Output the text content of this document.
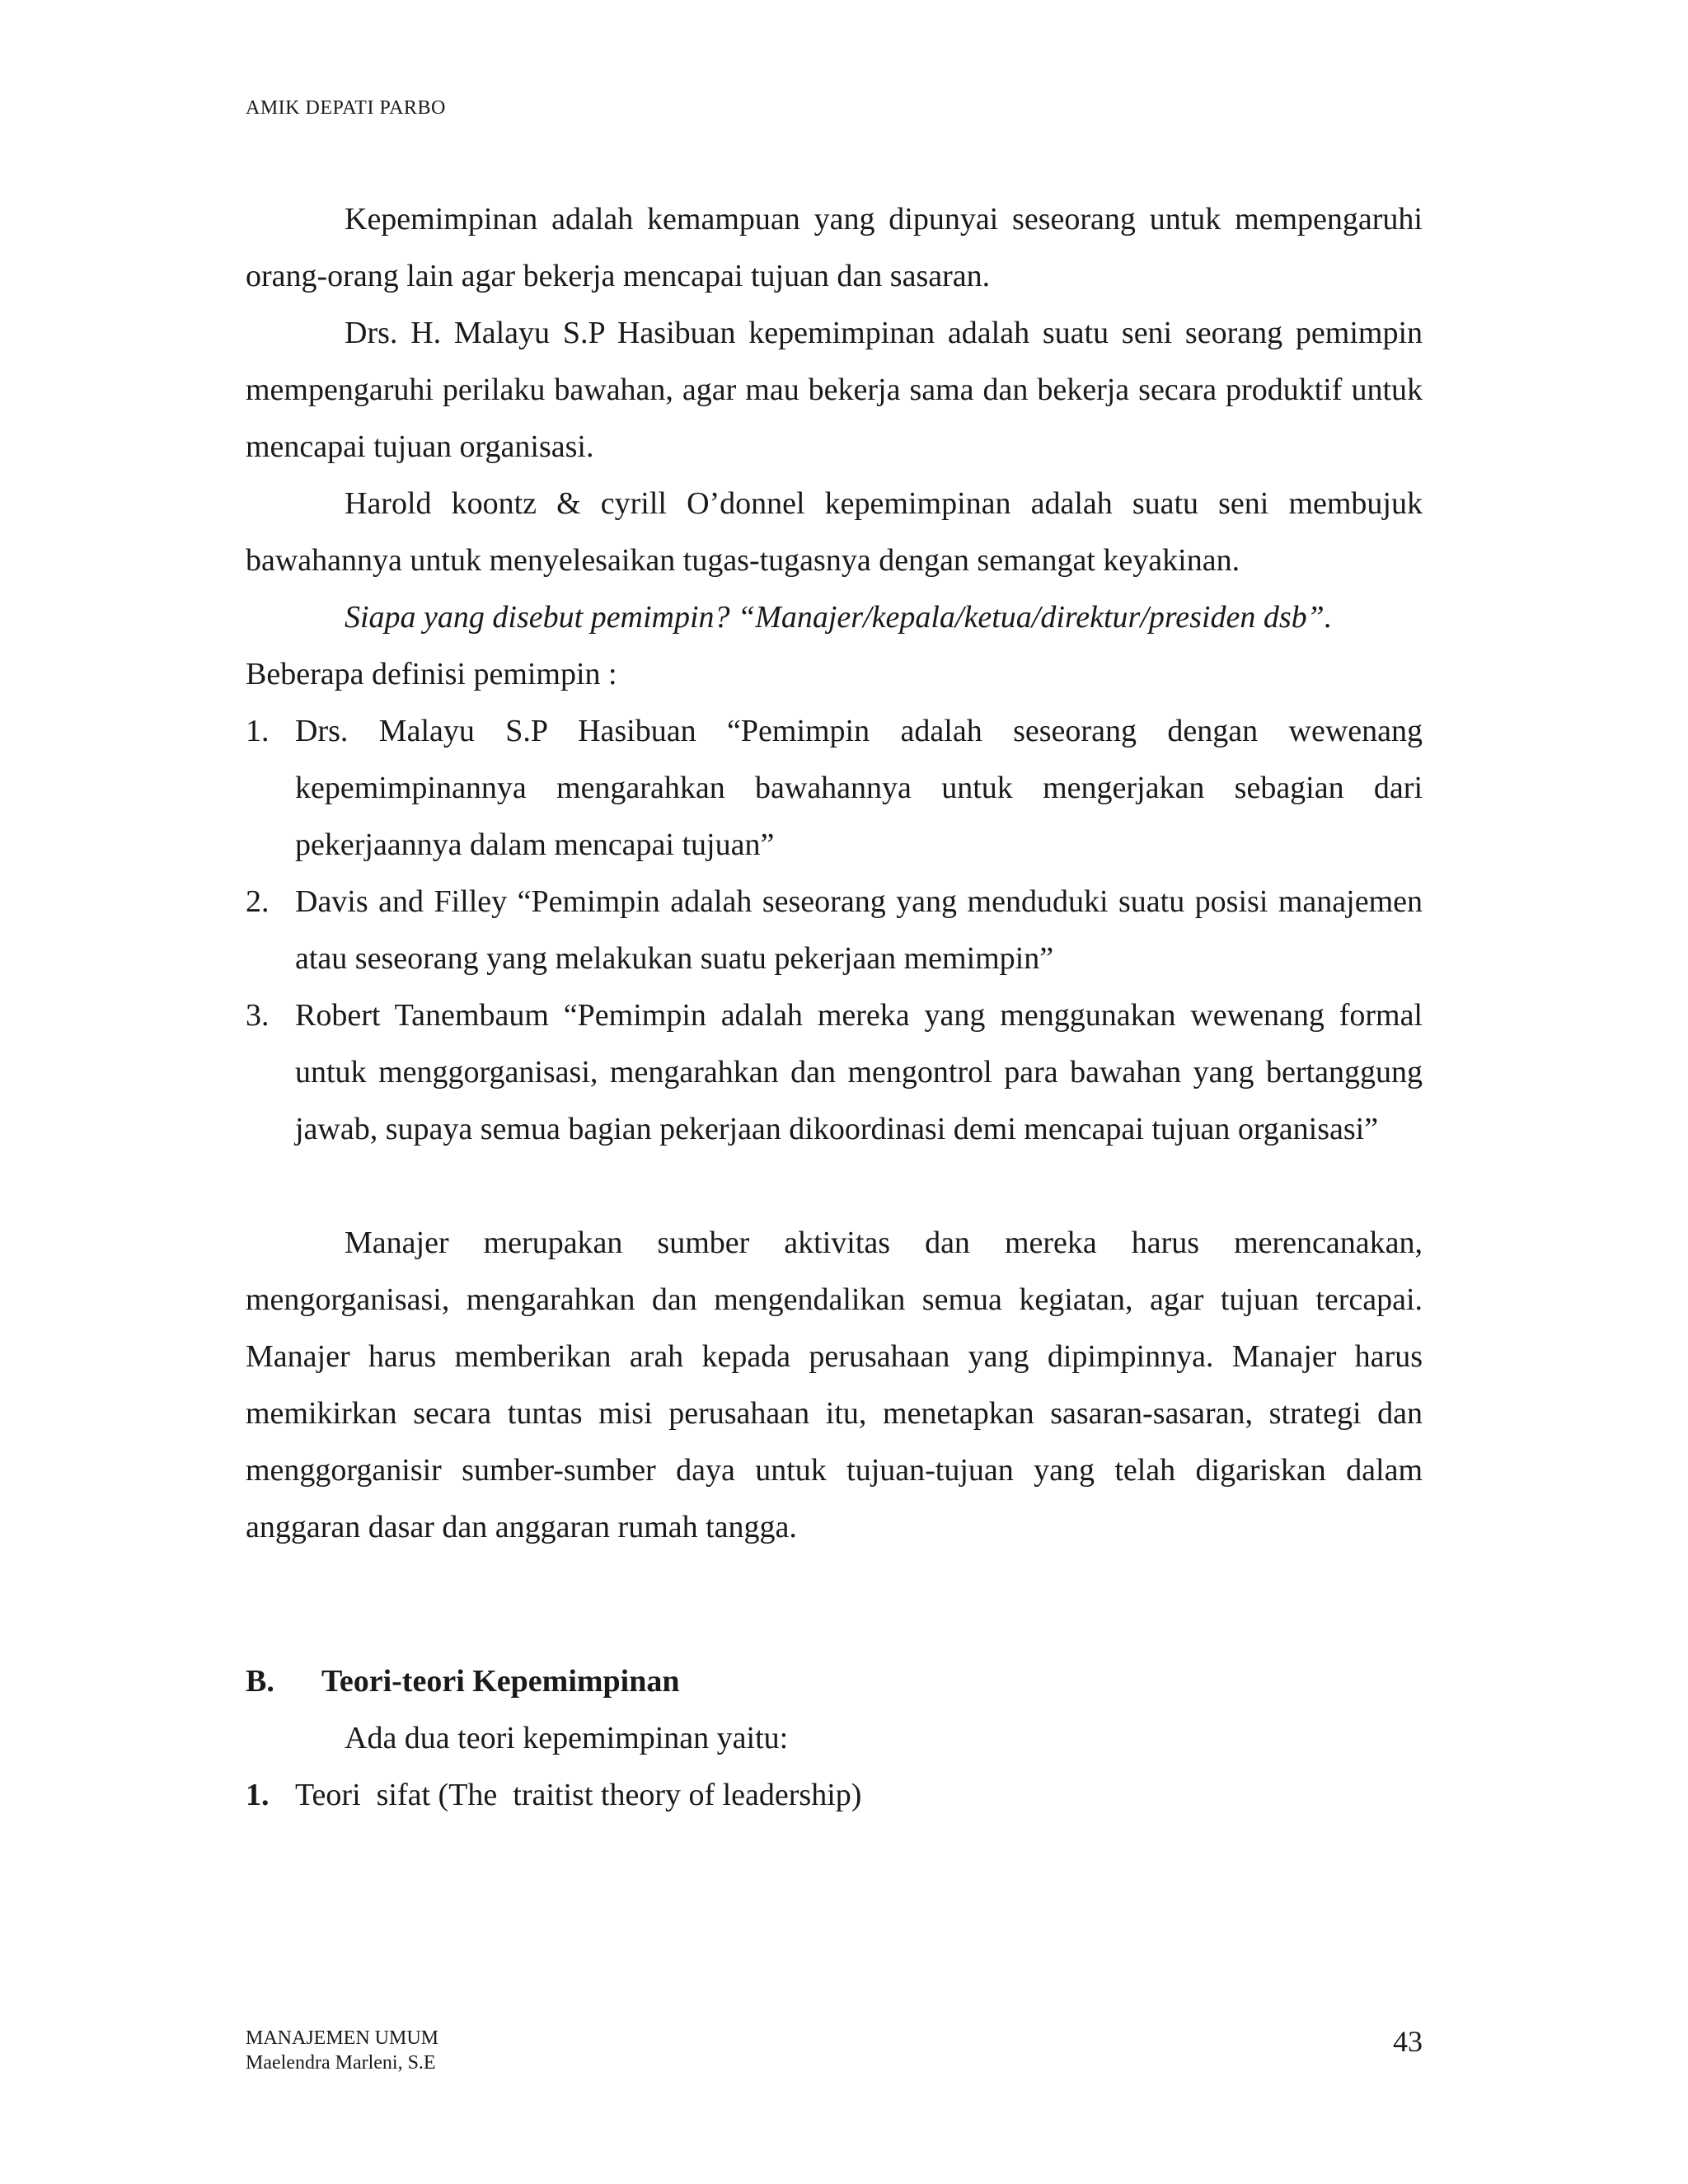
AMIK DEPATI PARBO

Kepemimpinan adalah kemampuan yang dipunyai seseorang untuk mempengaruhi orang-orang lain agar bekerja mencapai tujuan dan sasaran.

Drs. H. Malayu S.P Hasibuan kepemimpinan adalah suatu seni seorang pemimpin mempengaruhi perilaku bawahan, agar mau bekerja sama dan bekerja secara produktif untuk mencapai tujuan organisasi.

Harold koontz & cyrill O’donnel kepemimpinan adalah suatu seni membujuk bawahannya untuk menyelesaikan tugas-tugasnya dengan semangat keyakinan.

Siapa yang disebut pemimpin? “Manajer/kepala/ketua/direktur/presiden dsb”.

Beberapa definisi pemimpin :

1. Drs. Malayu S.P Hasibuan “Pemimpin adalah seseorang dengan wewenang kepemimpinannya mengarahkan bawahannya untuk mengerjakan sebagian dari pekerjaannya dalam mencapai tujuan”
2. Davis and Filley “Pemimpin adalah seseorang yang menduduki suatu posisi manajemen atau seseorang yang melakukan suatu pekerjaan memimpin”
3. Robert Tanembaum “Pemimpin adalah mereka yang menggunakan wewenang formal untuk menggorganisasi, mengarahkan dan mengontrol para bawahan yang bertanggung jawab, supaya semua bagian pekerjaan dikoordinasi demi mencapai tujuan organisasi”

Manajer merupakan sumber aktivitas dan mereka harus merencanakan, mengorganisasi, mengarahkan dan mengendalikan semua kegiatan, agar tujuan tercapai. Manajer harus memberikan arah kepada perusahaan yang dipimpinnya. Manajer harus memikirkan secara tuntas misi perusahaan itu, menetapkan sasaran-sasaran, strategi dan menggorganisir sumber-sumber daya untuk tujuan-tujuan yang telah digariskan dalam anggaran dasar dan anggaran rumah tangga.

B.	Teori-teori Kepemimpinan

Ada dua teori kepemimpinan yaitu:

1. Teori  sifat (The  traitist theory of leadership)
MANAJEMEN UMUM
Maelendra Marleni, S.E
43
